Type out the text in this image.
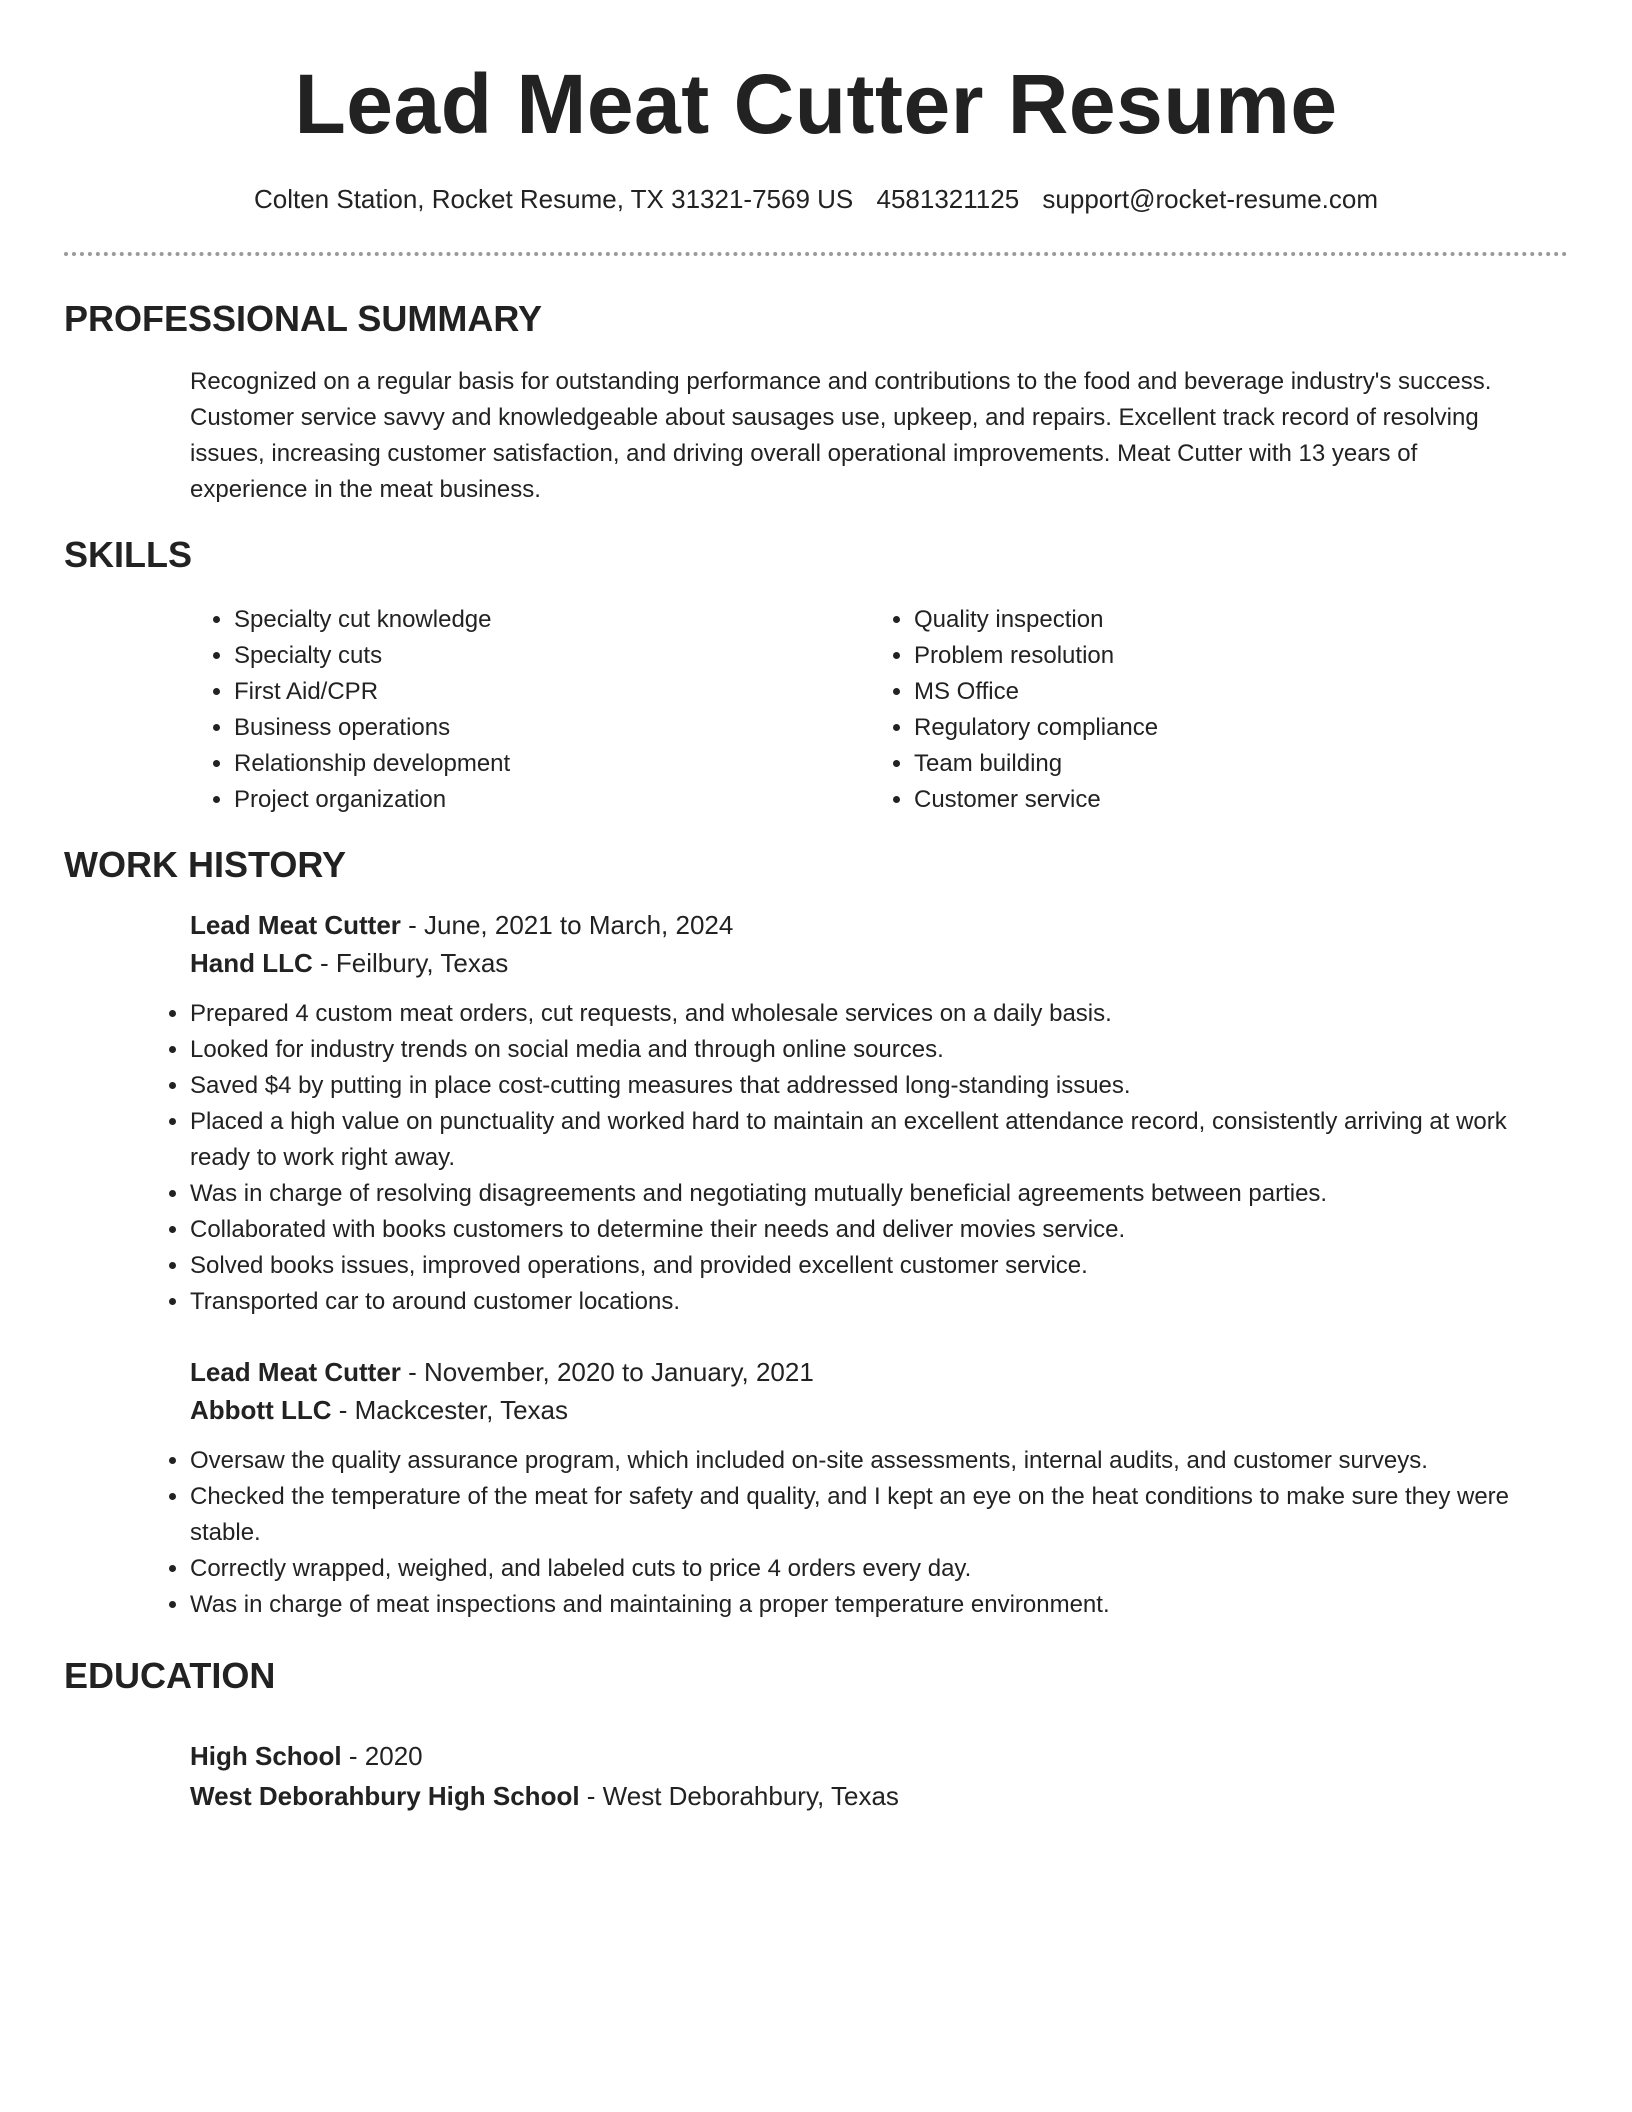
Lead Meat Cutter Resume
Colten Station, Rocket Resume, TX 31321-7569 US 4581321125 support@rocket-resume.com
PROFESSIONAL SUMMARY
Recognized on a regular basis for outstanding performance and contributions to the food and beverage industry's success.
Customer service savvy and knowledgeable about sausages use, upkeep, and repairs. Excellent track record of resolving
issues, increasing customer satisfaction, and driving overall operational improvements. Meat Cutter with 13 years of
experience in the meat business.
SKILLS
• Specialty cut knowledge
• Specialty cuts
• First Aid/CPR
• Business operations
• Relationship development
• Project organization
• Quality inspection
• Problem resolution
• MS Office
• Regulatory compliance
• Team building
• Customer service
WORK HISTORY
Lead Meat Cutter - June, 2021 to March, 2024
Hand LLC - Feilbury, Texas
• Prepared 4 custom meat orders, cut requests, and wholesale services on a daily basis.
• Looked for industry trends on social media and through online sources.
• Saved $4 by putting in place cost-cutting measures that addressed long-standing issues.
• Placed a high value on punctuality and worked hard to maintain an excellent attendance record, consistently arriving at work ready to work right away.
• Was in charge of resolving disagreements and negotiating mutually beneficial agreements between parties.
• Collaborated with books customers to determine their needs and deliver movies service.
• Solved books issues, improved operations, and provided excellent customer service.
• Transported car to around customer locations.
Lead Meat Cutter - November, 2020 to January, 2021
Abbott LLC - Mackcester, Texas
• Oversaw the quality assurance program, which included on-site assessments, internal audits, and customer surveys.
• Checked the temperature of the meat for safety and quality, and I kept an eye on the heat conditions to make sure they were stable.
• Correctly wrapped, weighed, and labeled cuts to price 4 orders every day.
• Was in charge of meat inspections and maintaining a proper temperature environment.
EDUCATION
High School - 2020
West Deborahbury High School - West Deborahbury, Texas
